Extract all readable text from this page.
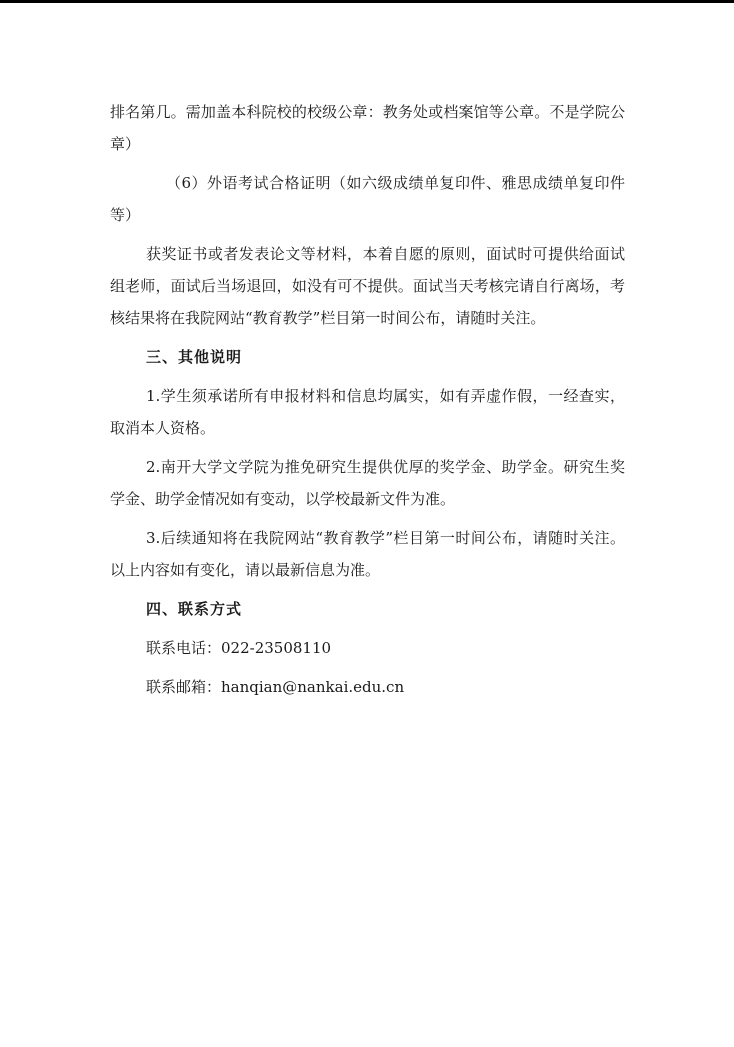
排名第几。需加盖本科院校的校级公章：教务处或档案馆等公章。不是学院公章）

（6）外语考试合格证明（如六级成绩单复印件、雅思成绩单复印件等）

获奖证书或者发表论文等材料，本着自愿的原则，面试时可提供给面试组老师，面试后当场退回，如没有可不提供。面试当天考核完请自行离场，考核结果将在我院网站“教育教学”栏目第一时间公布，请随时关注。

三、其他说明

1.学生须承诺所有申报材料和信息均属实，如有弄虚作假，一经查实，取消本人资格。

2.南开大学文学院为推免研究生提供优厚的奖学金、助学金。研究生奖学金、助学金情况如有变动，以学校最新文件为准。

3.后续通知将在我院网站“教育教学”栏目第一时间公布，请随时关注。以上内容如有变化，请以最新信息为准。

四、联系方式

联系电话：022-23508110

联系邮箱：hanqian@nankai.edu.cn
